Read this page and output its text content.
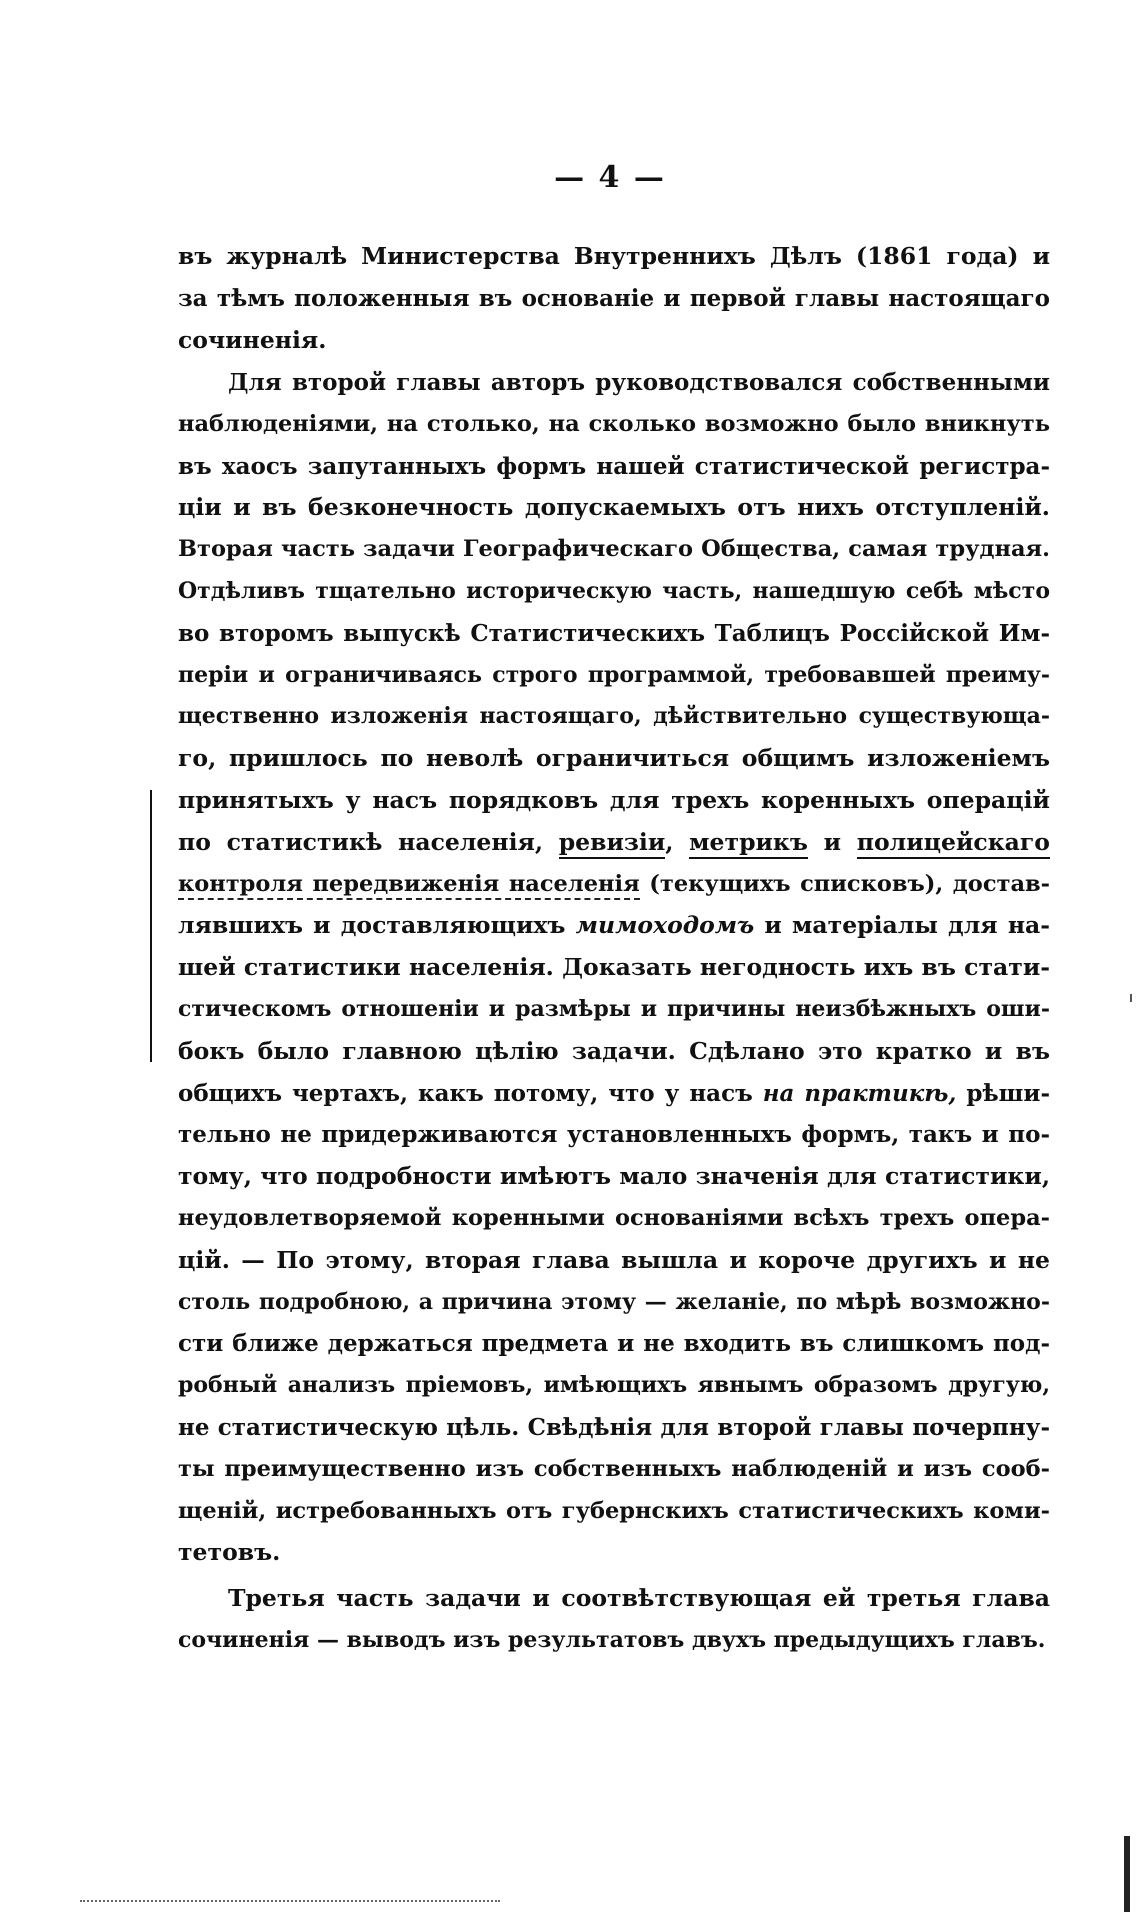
— 4 —
въ журналѣ Министерства Внутреннихъ Дѣлъ (1861 года) и
за тѣмъ положенныя въ основаніе и первой главы настоящаго
сочиненія.
Для второй главы авторъ руководствовался собственными
наблюденіями, на столько, на сколько возможно было вникнуть
въ хаосъ запутанныхъ формъ нашей статистической регистра-
ціи и въ безконечность допускаемыхъ отъ нихъ отступленій.
Вторая часть задачи Географическаго Общества, самая трудная.
Отдѣливъ тщательно историческую часть, нашедшую себѣ мѣсто
во второмъ выпускѣ Статистическихъ Таблицъ Россійской Им-
періи и ограничиваясь строго программой, требовавшей преиму-
щественно изложенія настоящаго, дѣйствительно существующа-
го, пришлось по неволѣ ограничиться общимъ изложеніемъ
принятыхъ у насъ порядковъ для трехъ коренныхъ операцій
по статистикѣ населенія, ревизіи, метрикъ и полицейскаго
контроля передвиженія населенія (текущихъ списковъ), достав-
лявшихъ и доставляющихъ мимоходомъ и матеріалы для на-
шей статистики населенія. Доказать негодность ихъ въ стати-
стическомъ отношеніи и размѣры и причины неизбѣжныхъ оши-
бокъ было главною цѣлію задачи. Сдѣлано это кратко и въ
общихъ чертахъ, какъ потому, что у насъ на практикѣ, рѣши-
тельно не придерживаются установленныхъ формъ, такъ и по-
тому, что подробности имѣютъ мало значенія для статистики,
неудовлетворяемой коренными основаніями всѣхъ трехъ опера-
цій. — По этому, вторая глава вышла и короче другихъ и не
столь подробною, а причина этому — желаніе, по мѣрѣ возможно-
сти ближе держаться предмета и не входить въ слишкомъ под-
робный анализъ пріемовъ, имѣющихъ явнымъ образомъ другую,
не статистическую цѣль. Свѣдѣнія для второй главы почерпну-
ты преимущественно изъ собственныхъ наблюденій и изъ сооб-
щеній, истребованныхъ отъ губернскихъ статистическихъ коми-
тетовъ.
Третья часть задачи и соотвѣтствующая ей третья глава
сочиненія — выводъ изъ результатовъ двухъ предыдущихъ главъ.
